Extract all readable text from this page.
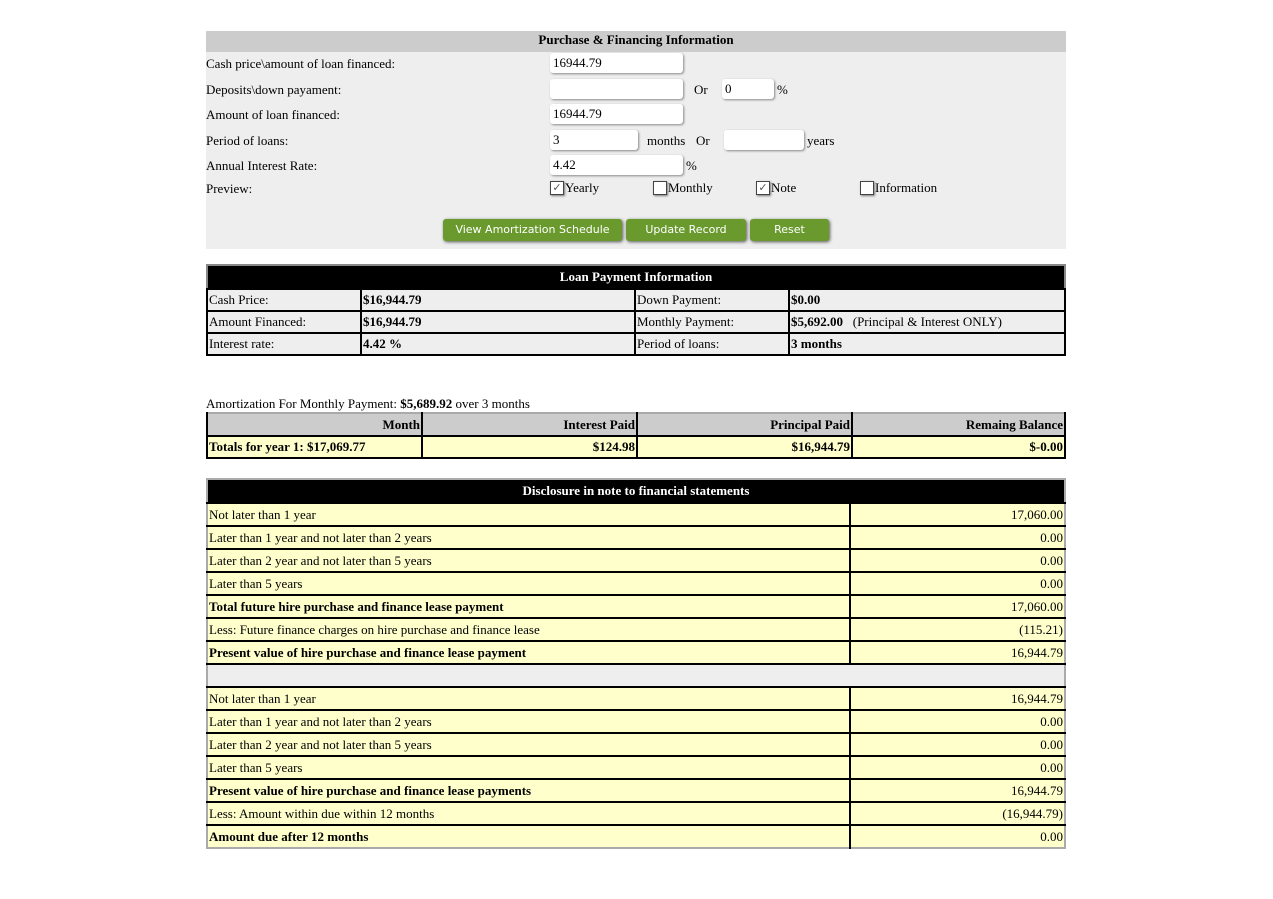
Purchase & Financing Information
Cash price\amount of loan financed:	16944.79
Deposits\down payament:	Or 0	%
Amount of loan financed:	16944.79
Period of loans:	3	months Or	years
Annual Interest Rate:	4.42	%
Preview:	✓ Yearly	Monthly	✓ Note	Information
View Amortization Schedule	Update Record	Reset
Loan Payment Information			
Cash Price:	$16,944.79	Down Payment:	$0.00
Amount Financed:	$16,944.79	Monthly Payment:	$5,692.00 (Principal & Interest ONLY)
Interest rate:	4.42 %	Period of loans:	3 months
Amortization For Monthly Payment: $5,689.92 over 3 months
Month	Interest Paid	Principal Paid	Remaing Balance
Totals for year 1: $17,069.77	$124.98	$16,944.79	$-0.00
Disclosure in note to financial statements	
Not later than 1 year	17,060.00
Later than 1 year and not later than 2 years	0.00
Later than 2 year and not later than 5 years	0.00
Later than 5 years	0.00
Total future hire purchase and finance lease payment	17,060.00
Less: Future finance charges on hire purchase and finance lease	(115.21)
Present value of hire purchase and finance lease payment	16,944.79

Not later than 1 year	16,944.79
Later than 1 year and not later than 2 years	0.00
Later than 2 year and not later than 5 years	0.00
Later than 5 years	0.00
Present value of hire purchase and finance lease payments	16,944.79
Less: Amount within due within 12 months	(16,944.79)
Amount due after 12 months	0.00
